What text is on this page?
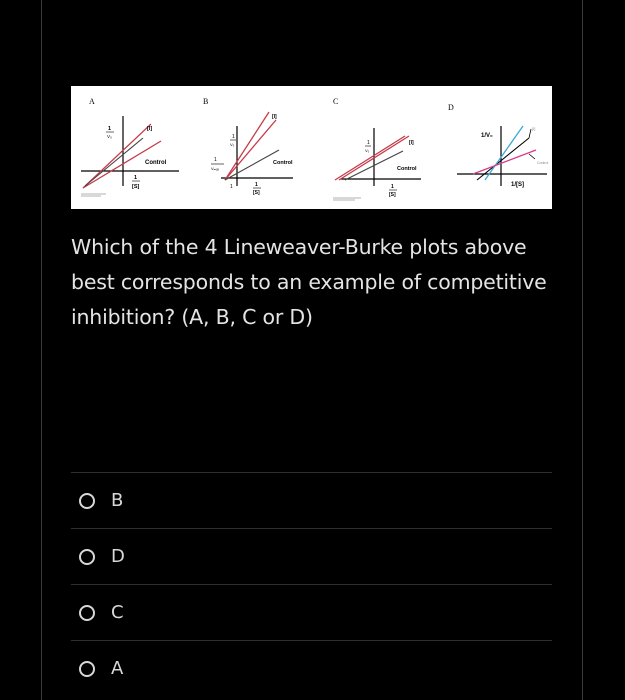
A
[I]
Control
1
V₀
1
[S]
B
[I]
Control
1
V₀
1
Vₘₐₓ
1	1
[S]
C
[I]
Control
1
V₀
1
[S]
D
1/V₀
1/[S]
[I]
Control
Which of the 4 Lineweaver-Burke plots above best corresponds to an example of competitive inhibition? (A, B, C or D)
B
D
C
A
